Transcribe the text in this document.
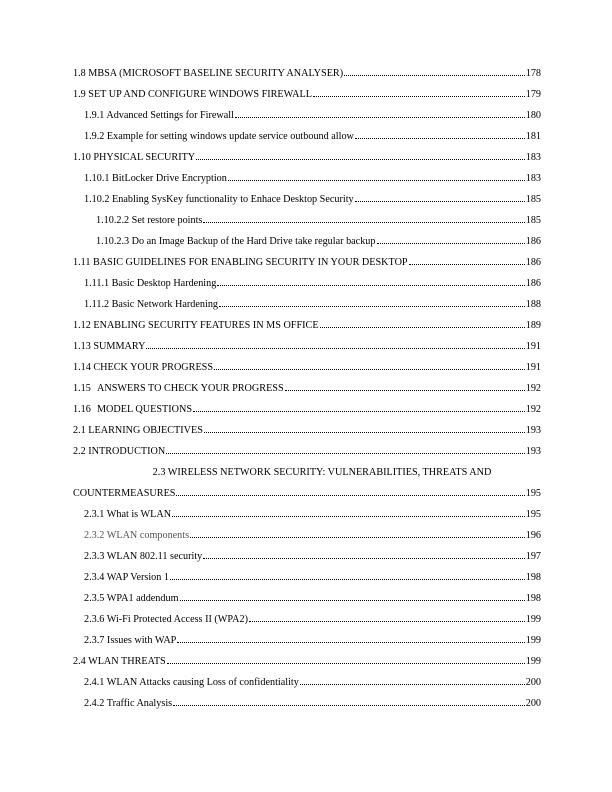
1.8 MBSA (MICROSOFT BASELINE SECURITY ANALYSER)	178
1.9 SET UP AND CONFIGURE WINDOWS FIREWALL	179
1.9.1 Advanced Settings for Firewall	180
1.9.2 Example for setting windows update service outbound allow	181
1.10 PHYSICAL SECURITY	183
1.10.1 BitLocker Drive Encryption	183
1.10.2 Enabling SysKey functionality to Enhace Desktop Security	185
1.10.2.2 Set restore points	185
1.10.2.3 Do an Image Backup of the Hard Drive take regular backup	186
1.11 BASIC GUIDELINES FOR ENABLING SECURITY IN YOUR DESKTOP	186
1.11.1 Basic Desktop Hardening	186
1.11.2 Basic Network Hardening	188
1.12 ENABLING SECURITY FEATURES IN MS OFFICE	189
1.13 SUMMARY	191
1.14 CHECK YOUR PROGRESS	191
1.15 ANSWERS TO CHECK YOUR PROGRESS	192
1.16 MODEL QUESTIONS	192
2.1 LEARNING OBJECTIVES	193
2.2 INTRODUCTION	193
2.3 WIRELESS NETWORK SECURITY: VULNERABILITIES, THREATS AND
COUNTERMEASURES	195
2.3.1 What is WLAN	195
2.3.2 WLAN components	196
2.3.3 WLAN 802.11 security	197
2.3.4 WAP Version 1	198
2.3.5 WPA1 addendum	198
2.3.6 Wi-Fi Protected Access II (WPA2)	199
2.3.7 Issues with WAP	199
2.4 WLAN THREATS	199
2.4.1 WLAN Attacks causing Loss of confidentiality	200
2.4.2 Traffic Analysis	200
